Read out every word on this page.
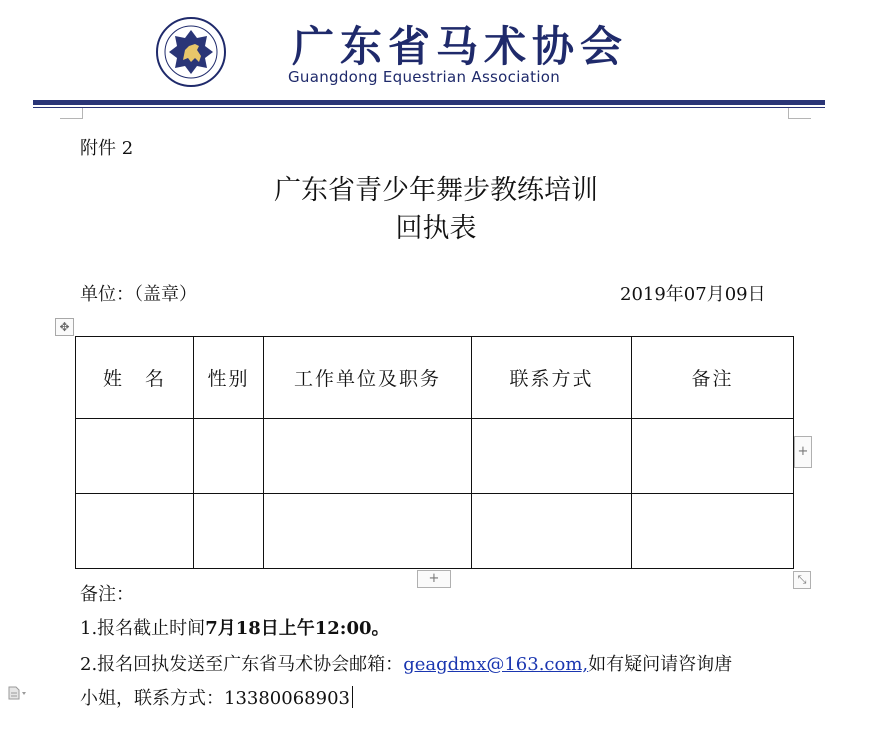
广东省马术协会
Guangdong Equestrian Association
附件 2
广东省青少年舞步教练培训
回执表
单位：（盖章）	2019年07月09日
✥
姓　名	性别	工作单位及职务	联系方式	备注

+
+	⤡
备注：
1.报名截止时间7月18日上午12:00。
2.报名回执发送至广东省马术协会邮箱：geagdmx@163.com,如有疑问请咨询唐
小姐，联系方式：13380068903
